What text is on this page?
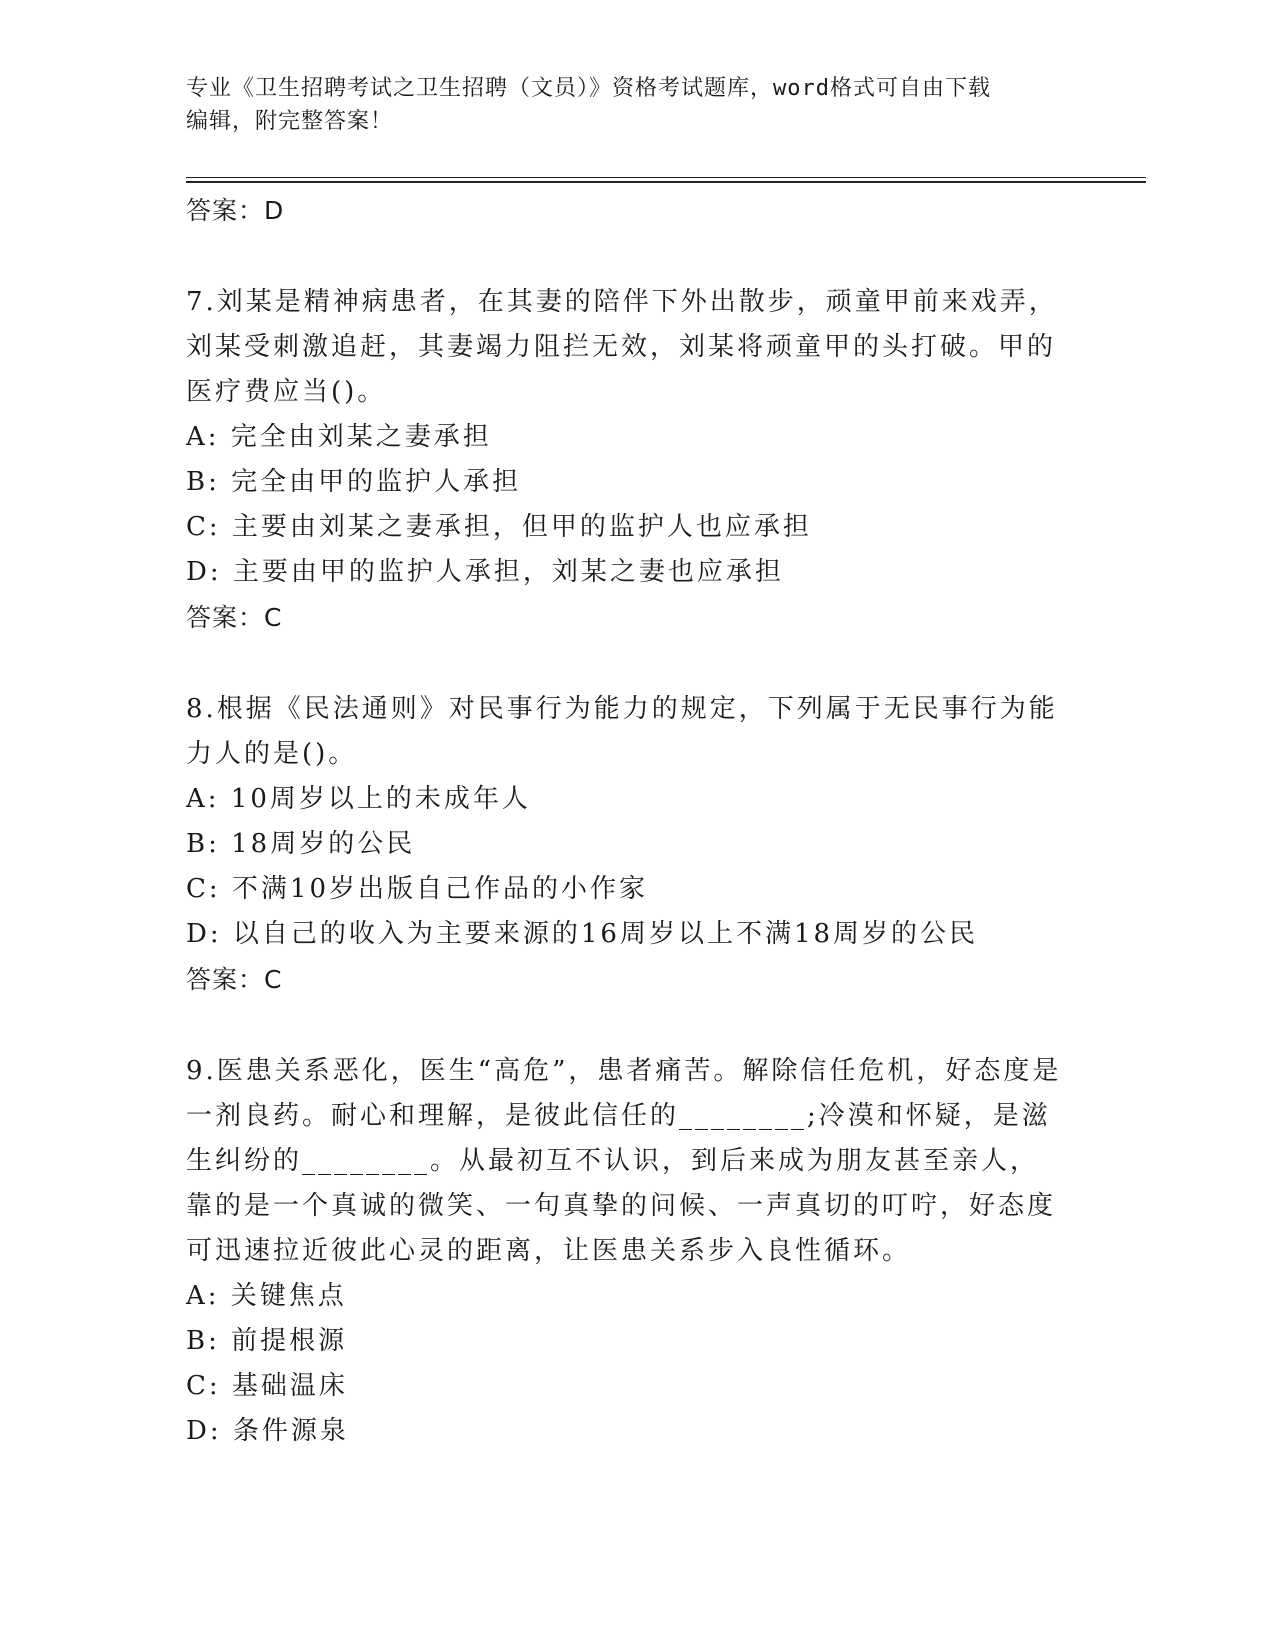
专业《卫生招聘考试之卫生招聘（文员）》资格考试题库，word格式可自由下载
编辑，附完整答案！
答案：D
7.刘某是精神病患者，在其妻的陪伴下外出散步，顽童甲前来戏弄，刘某受刺激追赶，其妻竭力阻拦无效，刘某将顽童甲的头打破。甲的医疗费应当()。
A: 完全由刘某之妻承担
B: 完全由甲的监护人承担
C: 主要由刘某之妻承担，但甲的监护人也应承担
D: 主要由甲的监护人承担，刘某之妻也应承担
答案：C
8.根据《民法通则》对民事行为能力的规定，下列属于无民事行为能力人的是()。
A: 10周岁以上的未成年人
B: 18周岁的公民
C: 不满10岁出版自己作品的小作家
D: 以自己的收入为主要来源的16周岁以上不满18周岁的公民
答案：C
9.医患关系恶化，医生“高危”，患者痛苦。解除信任危机，好态度是一剂良药。耐心和理解，是彼此信任的________;冷漠和怀疑，是滋生纠纷的________。从最初互不认识，到后来成为朋友甚至亲人，靠的是一个真诚的微笑、一句真挚的问候、一声真切的叮咛，好态度可迅速拉近彼此心灵的距离，让医患关系步入良性循环。
A: 关键焦点
B: 前提根源
C: 基础温床
D: 条件源泉
